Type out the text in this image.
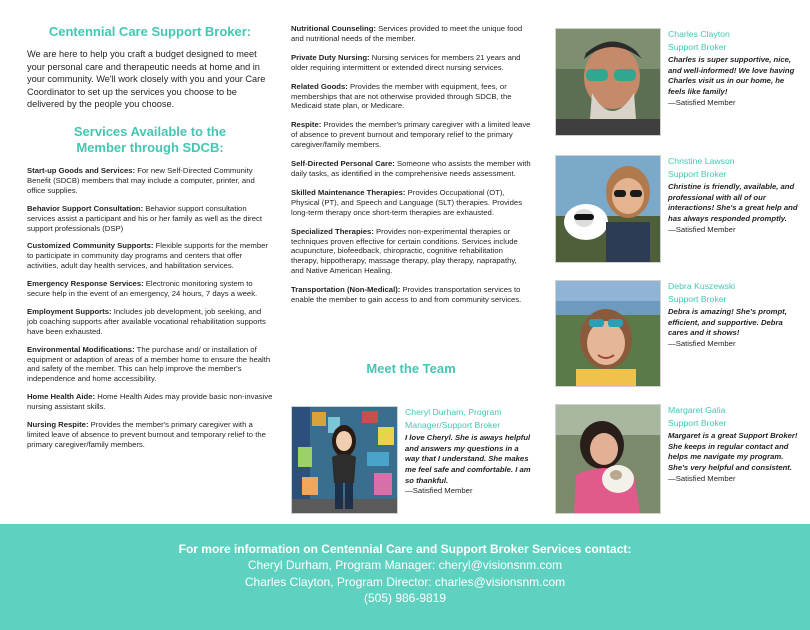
Centennial Care Support Broker:

We are here to help you craft a budget designed to meet your personal care and therapeutic needs at home and in your community. We'll work closely with you and your Care Coordinator to set up the services you choose to be delivered by the people you choose.

Services Available to the
Member through SDCB:

Start-up Goods and Services: For new Self-Directed Community Benefit (SDCB) members that may include a computer, printer, and office supplies.

Behavior Support Consultation: Behavior support consultation services assist a participant and his or her family as well as the direct support professionals (DSP)

Customized Community Supports: Flexible supports for the member to participate in community day programs and centers that offer activities, adult day health services, and habilitation services.

Emergency Response Services: Electronic monitoring system to secure help in the event of an emergency, 24 hours, 7 days a week.

Employment Supports: Includes job development, job seeking, and job coaching supports after available vocational rehabilitation supports have been exhausted.

Environmental Modifications: The purchase and/ or installation of equipment or adaption of areas of a member home to ensure the health and safety of the member. This can help improve the member's independence and home accessibility.

Home Health Aide: Home Health Aides may provide basic non-invasive nursing assistant skills.

Nursing Respite: Provides the member's primary caregiver with a limited leave of absence to prevent burnout and temporary relief to the primary caregiver/family members.

Nutritional Counseling: Services provided to meet the unique food and nutritional needs of the member.

Private Duty Nursing: Nursing services for members 21 years and older requiring intermittent or extended direct nursing services.

Related Goods: Provides the member with equipment, fees, or memberships that are not otherwise provided through SDCB, the Medicaid state plan, or Medicare.

Respite: Provides the member's primary caregiver with a limited leave of absence to prevent burnout and temporary relief to the primary caregiver/family members.

Self-Directed Personal Care: Someone who assists the member with daily tasks, as identified in the comprehensive needs assessment.

Skilled Maintenance Therapies: Provides Occupational (OT), Physical (PT), and Speech and Language (SLT) therapies. Provides long-term therapy once short-term therapies are exhausted.

Specialized Therapies: Provides non-experimental therapies or techniques proven effective for certain conditions. Services include acupuncture, biofeedback, chiropractic, cognitive rehabilitation therapy, hippotherapy, massage therapy, play therapy, naprapathy, and Native American Healing.

Transportation (Non-Medical): Provides transportation services to enable the member to gain access to and from community services.

Meet the Team

Cheryl Durham, Program
Manager/Support Broker

I love Cheryl. She is aways helpful and answers my questions in a way that I understand. She makes me feel safe and comfortable. I am so thankful.

—Satisfied Member

Charles Clayton
Support Broker

Charles is super supportive, nice, and well-informed! We love having Charles visit us in our home, he feels like family!

—Satisfied Member

Christine Lawson
Support Broker

Christine is friendly, available, and professional with all of our interactions! She's a great help and has always responded promptly.

—Satisfied Member

Debra Kuszewski
Support Broker

Debra is amazing! She's prompt, efficient, and supportive. Debra cares and it shows!

—Satisfied Member

Margaret Galia
Support Broker

Margaret is a great Support Broker! She keeps in regular contact and helps me navigate my program. She's very helpful and consistent.

—Satisfied Member

For more information on Centennial Care and Support Broker Services contact:

Cheryl Durham, Program Manager: cheryl@visionsnm.com

Charles Clayton, Program Director: charles@visionsnm.com

(505) 986-9819
